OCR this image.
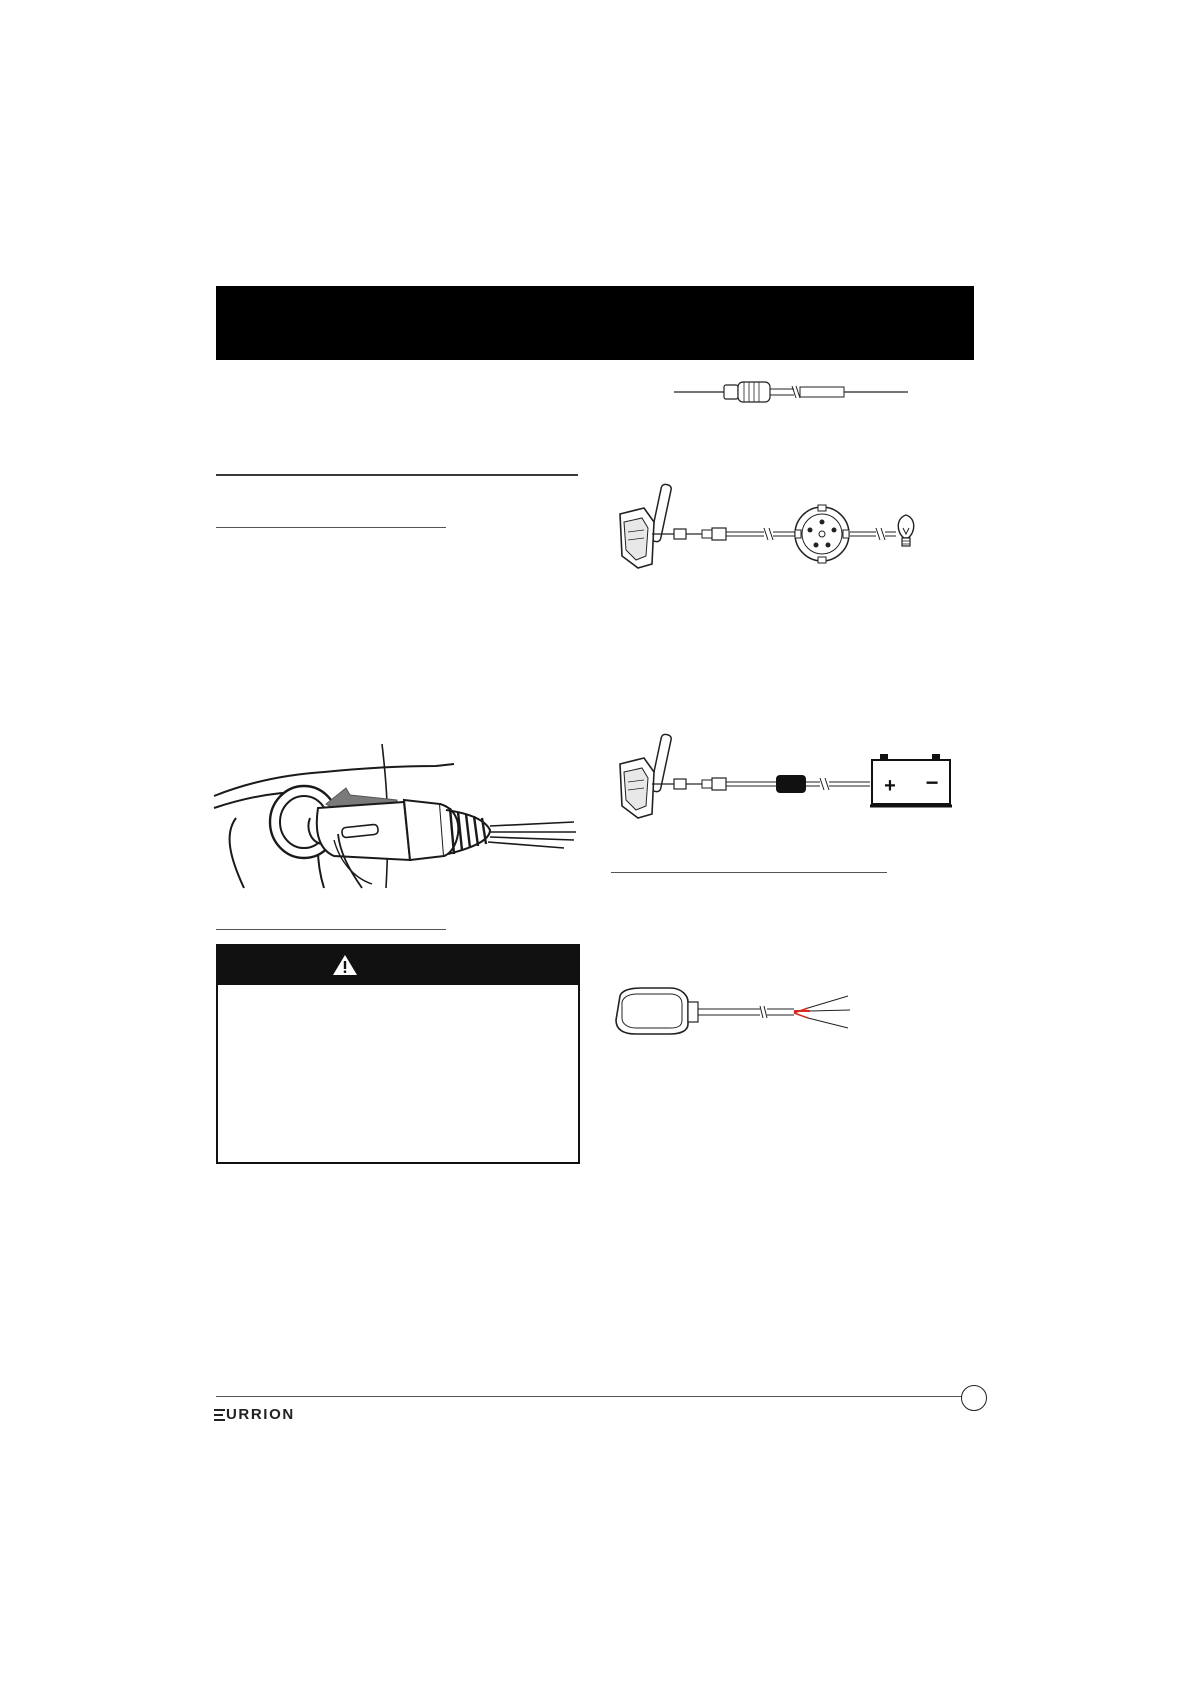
+ −
URRION
